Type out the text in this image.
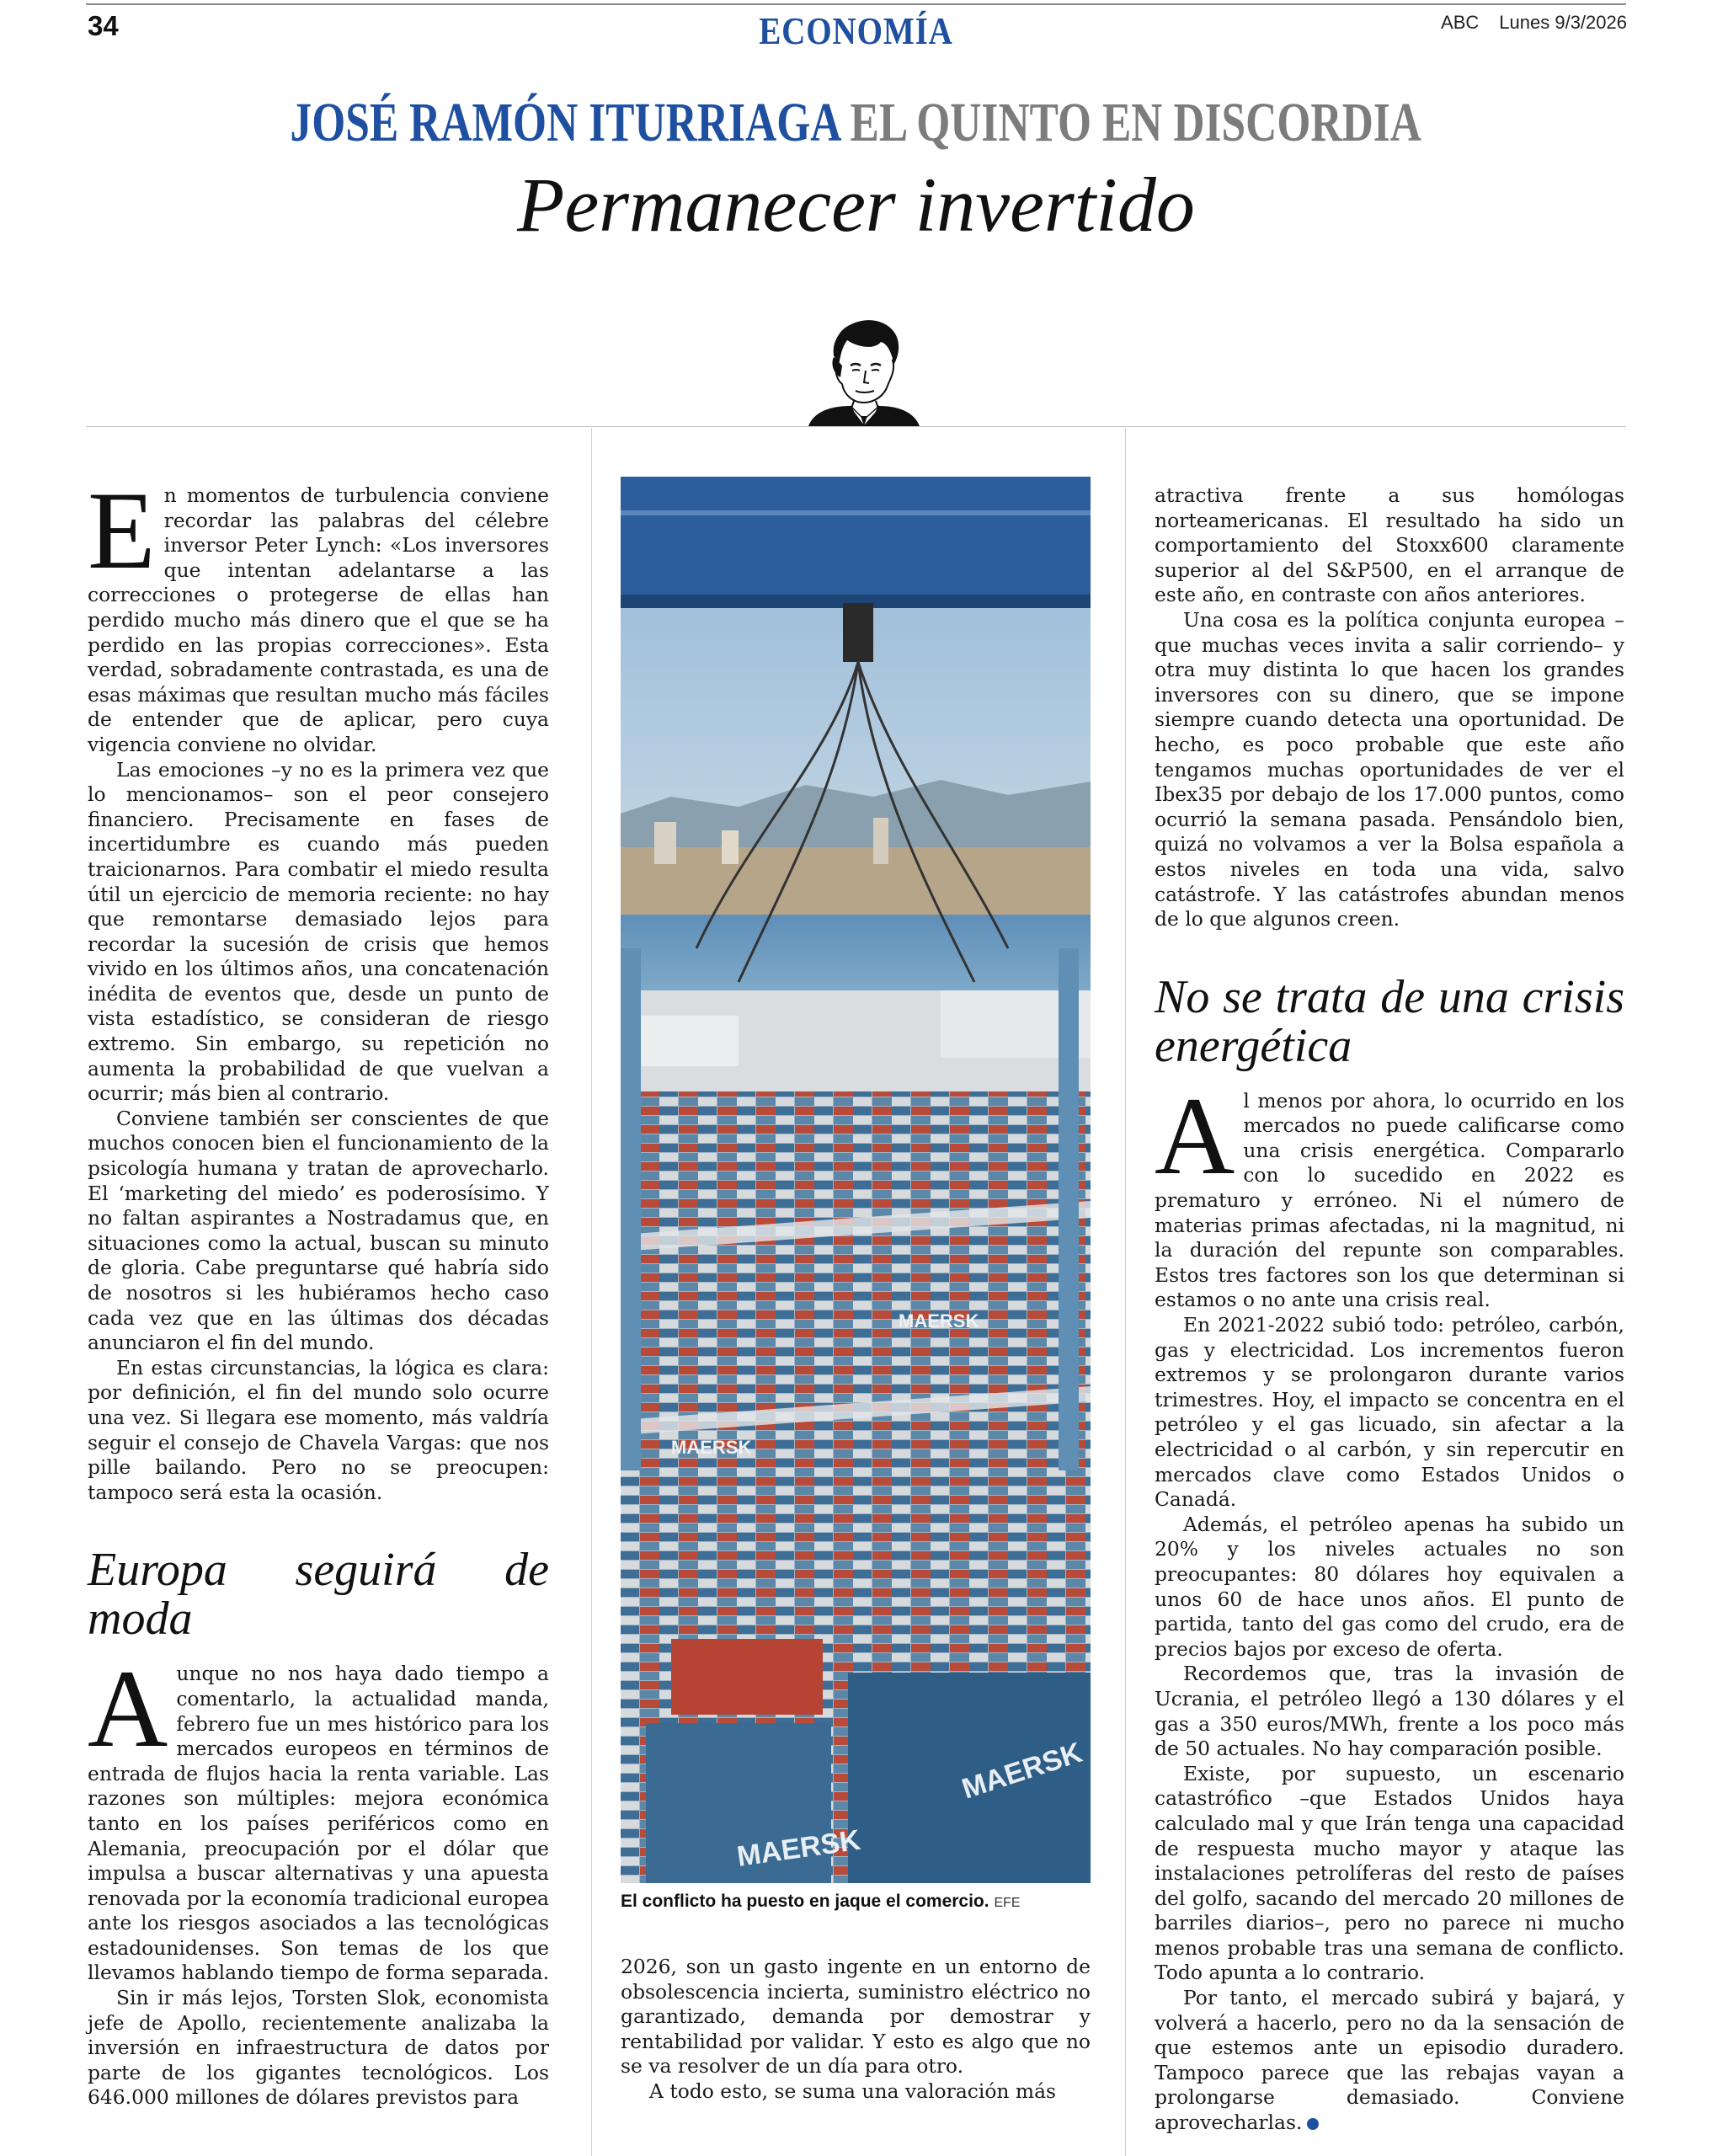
34	ECONOMÍA	ABC Lunes 9/3/2026
JOSÉ RAMÓN ITURRIAGA EL QUINTO EN DISCORDIA
Permanecer invertido

En momentos de turbulencia conviene recordar las palabras del célebre inversor Peter Lynch: «Los inversores que intentan adelantarse a las correcciones o protegerse de ellas han perdido mucho más dinero que el que se ha perdido en las propias correcciones». Esta verdad, sobradamente contrastada, es una de esas máximas que resultan mucho más fáciles de entender que de aplicar, pero cuya vigencia conviene no olvidar.

Las emociones –y no es la primera vez que lo mencionamos– son el peor consejero financiero. Precisamente en fases de incertidumbre es cuando más pueden traicionarnos. Para combatir el miedo resulta útil un ejercicio de memoria reciente: no hay que remontarse demasiado lejos para recordar la sucesión de crisis que hemos vivido en los últimos años, una concatenación inédita de eventos que, desde un punto de vista estadístico, se consideran de riesgo extremo. Sin embargo, su repetición no aumenta la probabilidad de que vuelvan a ocurrir; más bien al contrario.

Conviene también ser conscientes de que muchos conocen bien el funcionamiento de la psicología humana y tratan de aprovecharlo. El ‘marketing del miedo’ es poderosísimo. Y no faltan aspirantes a Nostradamus que, en situaciones como la actual, buscan su minuto de gloria. Cabe preguntarse qué habría sido de nosotros si les hubiéramos hecho caso cada vez que en las últimas dos décadas anunciaron el fin del mundo.

En estas circunstancias, la lógica es clara: por definición, el fin del mundo solo ocurre una vez. Si llegara ese momento, más valdría seguir el consejo de Chavela Vargas: que nos pille bailando. Pero no se preocupen: tampoco será esta la ocasión.

Europa seguirá de moda

Aunque no nos haya dado tiempo a comentarlo, la actualidad manda, febrero fue un mes histórico para los mercados europeos en términos de entrada de flujos hacia la renta variable. Las razones son múltiples: mejora económica tanto en los países periféricos como en Alemania, preocupación por el dólar que impulsa a buscar alternativas y una apuesta renovada por la economía tradicional europea ante los riesgos asociados a las tecnológicas estadounidenses. Son temas de los que llevamos hablando tiempo de forma separada.

Sin ir más lejos, Torsten Slok, economista jefe de Apollo, recientemente analizaba la inversión en infraestructura de datos por parte de los gigantes tecnológicos. Los 646.000 millones de dólares previstos para

MAERSK
MAERSK
MAERSK
MAERSK
El conflicto ha puesto en jaque el comercio. EFE

2026, son un gasto ingente en un entorno de obsolescencia incierta, suministro eléctrico no garantizado, demanda por demostrar y rentabilidad por validar. Y esto es algo que no se va resolver de un día para otro.

A todo esto, se suma una valoración más

atractiva frente a sus homólogas norteamericanas. El resultado ha sido un comportamiento del Stoxx600 claramente superior al del S&P500, en el arranque de este año, en contraste con años anteriores.

Una cosa es la política conjunta europea –que muchas veces invita a salir corriendo– y otra muy distinta lo que hacen los grandes inversores con su dinero, que se impone siempre cuando detecta una oportunidad. De hecho, es poco probable que este año tengamos muchas oportunidades de ver el Ibex35 por debajo de los 17.000 puntos, como ocurrió la semana pasada. Pensándolo bien, quizá no volvamos a ver la Bolsa española a estos niveles en toda una vida, salvo catástrofe. Y las catástrofes abundan menos de lo que algunos creen.

No se trata de una crisis energética

Al menos por ahora, lo ocurrido en los mercados no puede calificarse como una crisis energética. Compararlo con lo sucedido en 2022 es prematuro y erróneo. Ni el número de materias primas afectadas, ni la magnitud, ni la duración del repunte son comparables. Estos tres factores son los que determinan si estamos o no ante una crisis real.

En 2021-2022 subió todo: petróleo, carbón, gas y electricidad. Los incrementos fueron extremos y se prolongaron durante varios trimestres. Hoy, el impacto se concentra en el petróleo y el gas licuado, sin afectar a la electricidad o al carbón, y sin repercutir en mercados clave como Estados Unidos o Canadá.

Además, el petróleo apenas ha subido un 20% y los niveles actuales no son preocupantes: 80 dólares hoy equivalen a unos 60 de hace unos años. El punto de partida, tanto del gas como del crudo, era de precios bajos por exceso de oferta.

Recordemos que, tras la invasión de Ucrania, el petróleo llegó a 130 dólares y el gas a 350 euros/MWh, frente a los poco más de 50 actuales. No hay comparación posible.

Existe, por supuesto, un escenario catastrófico –que Estados Unidos haya calculado mal y que Irán tenga una capacidad de respuesta mucho mayor y ataque las instalaciones petrolíferas del resto de países del golfo, sacando del mercado 20 millones de barriles diarios–, pero no parece ni mucho menos probable tras una semana de conflicto. Todo apunta a lo contrario.

Por tanto, el mercado subirá y bajará, y volverá a hacerlo, pero no da la sensación de que estemos ante un episodio duradero. Tampoco parece que las rebajas vayan a prolongarse demasiado. Conviene aprovecharlas.
